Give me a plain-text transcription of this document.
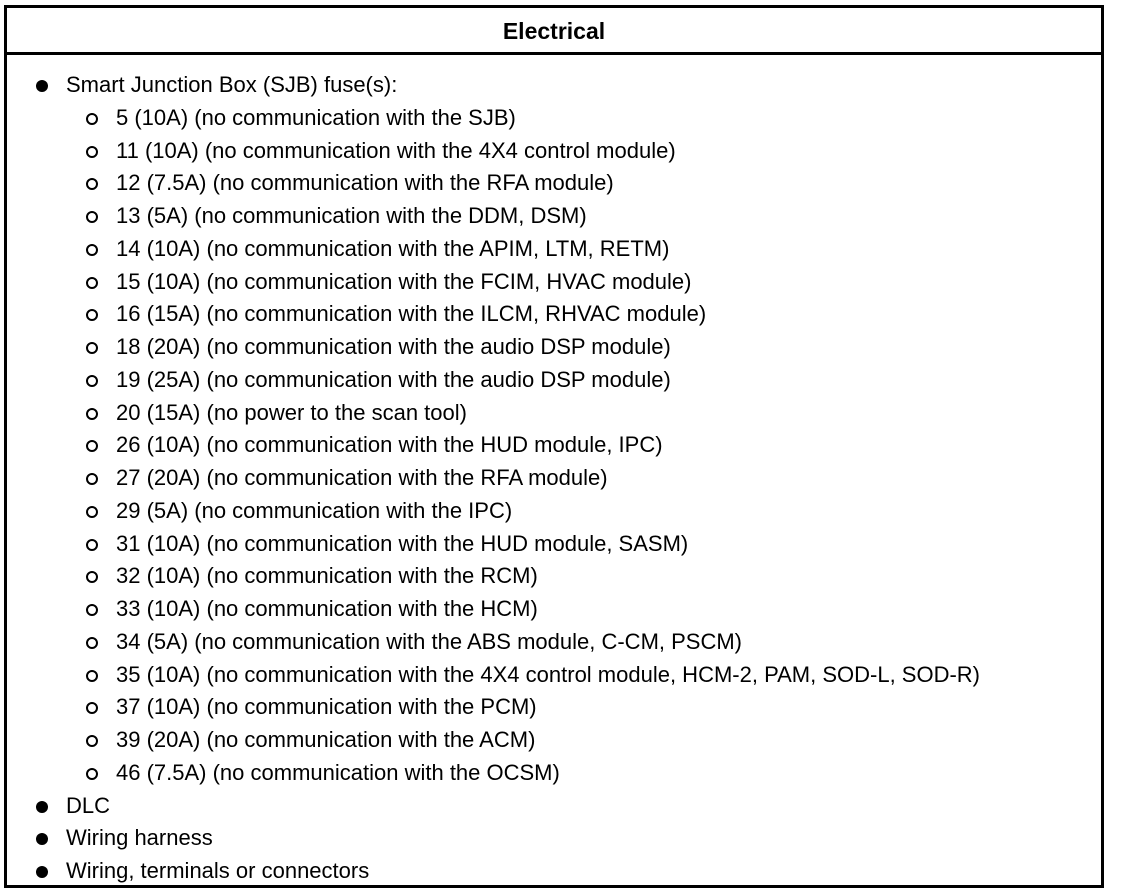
Electrical
Smart Junction Box (SJB) fuse(s):
5 (10A) (no communication with the SJB)
11 (10A) (no communication with the 4X4 control module)
12 (7.5A) (no communication with the RFA module)
13 (5A) (no communication with the DDM, DSM)
14 (10A) (no communication with the APIM, LTM, RETM)
15 (10A) (no communication with the FCIM, HVAC module)
16 (15A) (no communication with the ILCM, RHVAC module)
18 (20A) (no communication with the audio DSP module)
19 (25A) (no communication with the audio DSP module)
20 (15A) (no power to the scan tool)
26 (10A) (no communication with the HUD module, IPC)
27 (20A) (no communication with the RFA module)
29 (5A) (no communication with the IPC)
31 (10A) (no communication with the HUD module, SASM)
32 (10A) (no communication with the RCM)
33 (10A) (no communication with the HCM)
34 (5A) (no communication with the ABS module, C-CM, PSCM)
35 (10A) (no communication with the 4X4 control module, HCM-2, PAM, SOD-L, SOD-R)
37 (10A) (no communication with the PCM)
39 (20A) (no communication with the ACM)
46 (7.5A) (no communication with the OCSM)
DLC
Wiring harness
Wiring, terminals or connectors
